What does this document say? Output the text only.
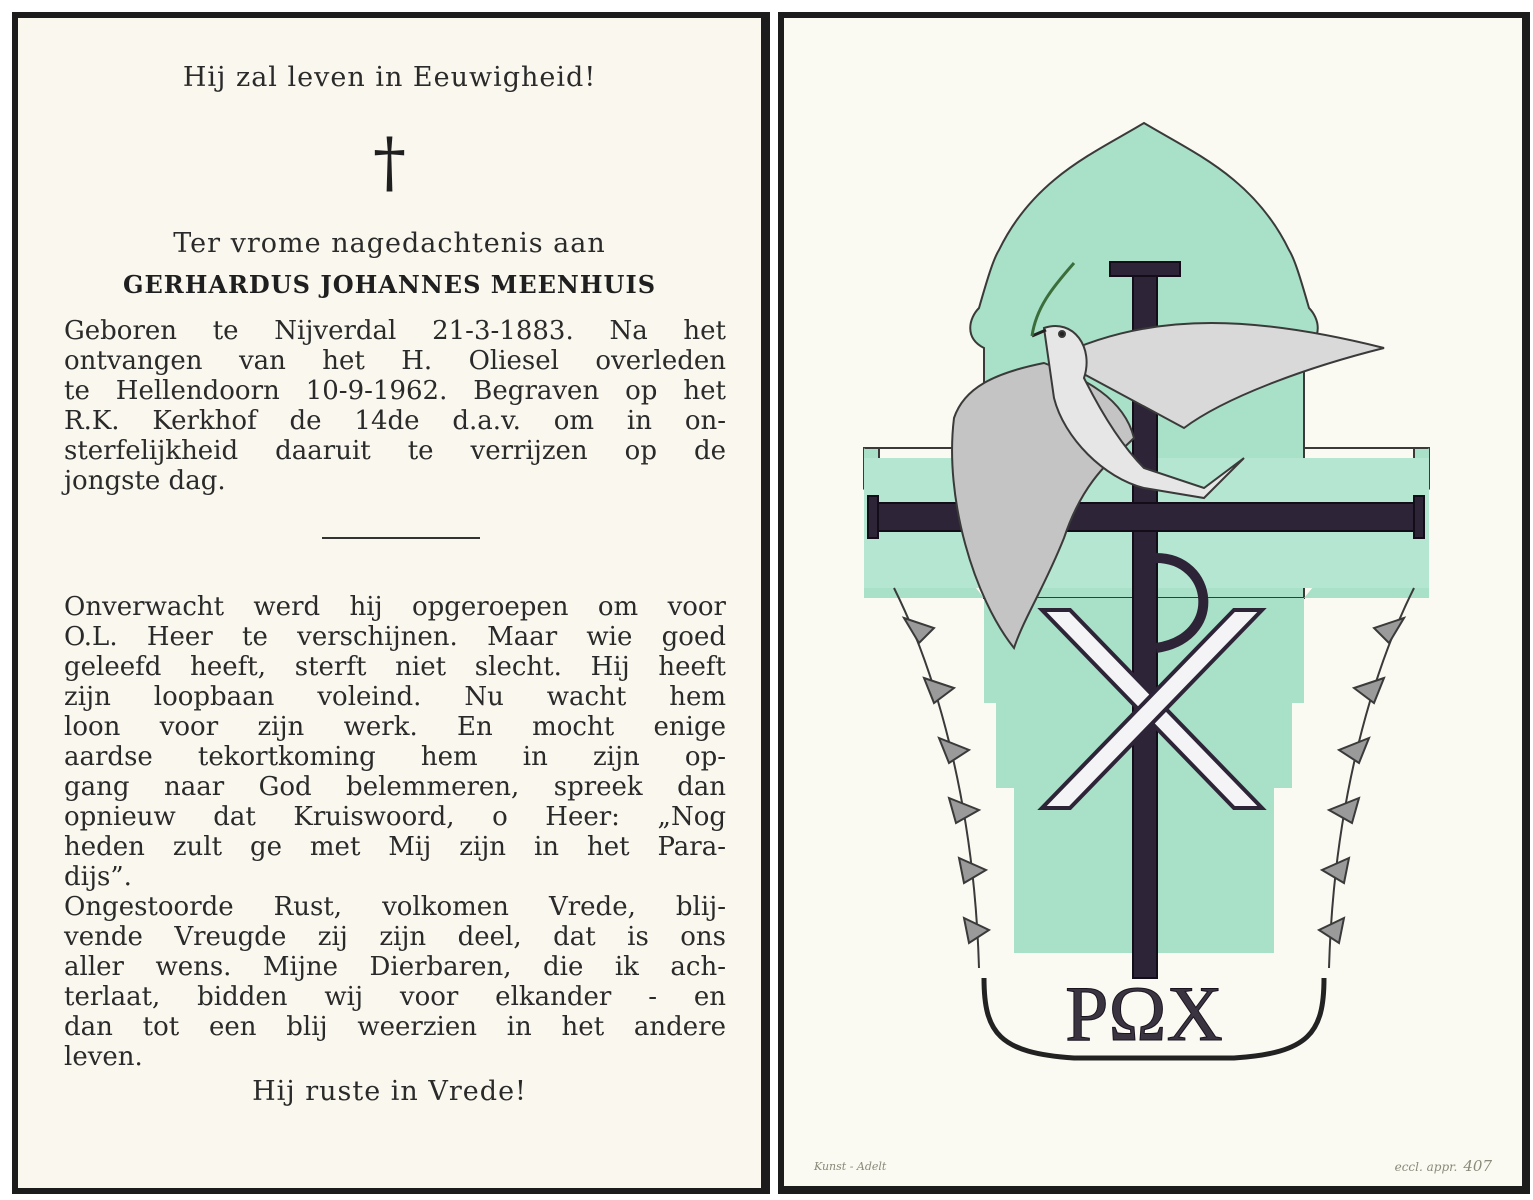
Hij zal leven in Eeuwigheid!
†
Ter vrome nagedachtenis aan
GERHARDUS JOHANNES MEENHUIS
Geboren te Nijverdal 21-3-1883. Na het
ontvangen van het H. Oliesel overleden
te Hellendoorn 10-9-1962. Begraven op het
R.K. Kerkhof de 14de d.a.v. om in on-
sterfelijkheid daaruit te verrijzen op de
jongste dag.
Onverwacht werd hij opgeroepen om voor
O.L. Heer te verschijnen. Maar wie goed
geleefd heeft, sterft niet slecht. Hij heeft
zijn loopbaan voleind. Nu wacht hem
loon voor zijn werk. En mocht enige
aardse tekortkoming hem in zijn op-
gang naar God belemmeren, spreek dan
opnieuw dat Kruiswoord, o Heer: „Nog
heden zult ge met Mij zijn in het Para-
dijs”.
Ongestoorde Rust, volkomen Vrede, blij-
vende Vreugde zij zijn deel, dat is ons
aller wens. Mijne Dierbaren, die ik ach-
terlaat, bidden wij voor elkander - en
dan tot een blij weerzien in het andere
leven.
Hij ruste in Vrede!
PΩX
Kunst - Adelt	eccl. appr. 407
